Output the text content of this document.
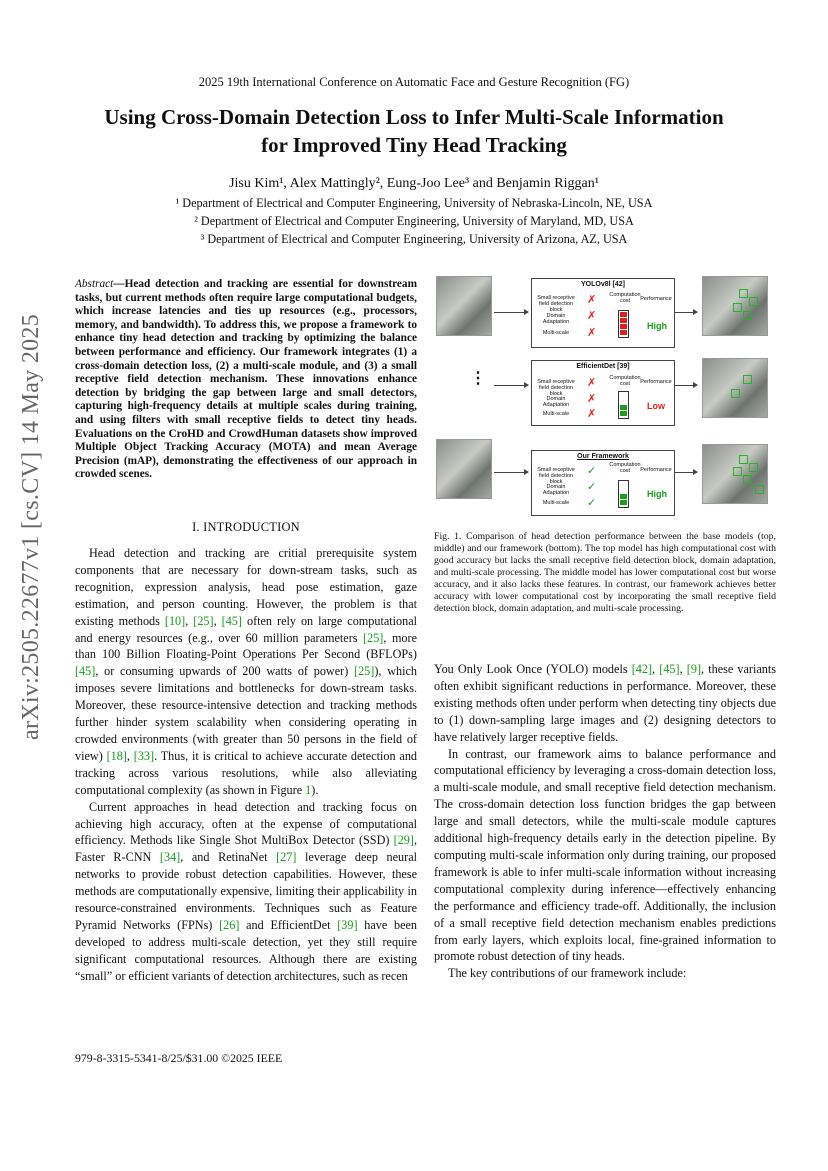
2025 19th International Conference on Automatic Face and Gesture Recognition (FG)
Using Cross-Domain Detection Loss to Infer Multi-Scale Information
for Improved Tiny Head Tracking
Jisu Kim¹, Alex Mattingly², Eung-Joo Lee³ and Benjamin Riggan¹
¹ Department of Electrical and Computer Engineering, University of Nebraska-Lincoln, NE, USA
² Department of Electrical and Computer Engineering, University of Maryland, MD, USA
³ Department of Electrical and Computer Engineering, University of Arizona, AZ, USA
arXiv:2505.22677v1 [cs.CV] 14 May 2025
Abstract—Head detection and tracking are essential for downstream tasks, but current methods often require large computational budgets, which increase latencies and ties up resources (e.g., processors, memory, and bandwidth). To address this, we propose a framework to enhance tiny head detection and tracking by optimizing the balance between performance and efficiency. Our framework integrates (1) a cross-domain detection loss, (2) a multi-scale module, and (3) a small receptive field detection mechanism. These innovations enhance detection by bridging the gap between large and small detectors, capturing high-frequency details at multiple scales during training, and using filters with small receptive fields to detect tiny heads. Evaluations on the CroHD and CrowdHuman datasets show improved Multiple Object Tracking Accuracy (MOTA) and mean Average Precision (mAP), demonstrating the effectiveness of our approach in crowded scenes.
I. INTRODUCTION

Head detection and tracking are critial prerequisite system components that are necessary for down-stream tasks, such as recognition, expression analysis, head pose estimation, gaze estimation, and person counting. However, the problem is that existing methods [10], [25], [45] often rely on large computational and energy resources (e.g., over 60 million parameters [25], more than 100 Billion Floating-Point Operations Per Second (BFLOPs) [45], or consuming upwards of 200 watts of power) [25]), which imposes severe limitations and bottlenecks for down-stream tasks. Moreover, these resource-intensive detection and tracking methods further hinder system scalability when considering operating in crowded environments (with greater than 50 persons in the field of view) [18], [33]. Thus, it is critical to achieve accurate detection and tracking across various resolutions, while also alleviating computational complexity (as shown in Figure 1).

Current approaches in head detection and tracking focus on achieving high accuracy, often at the expense of computational efficiency. Methods like Single Shot MultiBox Detector (SSD) [29], Faster R-CNN [34], and RetinaNet [27] leverage deep neural networks to provide robust detection capabilities. However, these methods are computationally expensive, limiting their applicability in resource-constrained environments. Techniques such as Feature Pyramid Networks (FPNs) [26] and EfficientDet [39] have been developed to address multi-scale detection, yet they still require significant computational resources. Although there are existing “small” or efficient variants of detection architectures, such as recen

YOLOv8l [42]
Small receptive field detection block
Domain Adaptation
Multi-scale
✗
✗
✗
Computation cost	Performance
High
⋮
EfficientDet [39]
Small receptive field detection block
Domain Adaptation
Multi-scale
✗
✗
✗
Computation cost	Performance
Low
Our Framework
Small receptive field detection block
Domain Adaptation
Multi-scale
✓
✓
✓
Computation cost	Performance
High
Fig. 1. Comparison of head detection performance between the base models (top, middle) and our framework (bottom). The top model has high computational cost with good accuracy but lacks the small receptive field detection block, domain adaptation, and multi-scale processing. The middle model has lower computational cost but worse accuracy, and it also lacks these features. In contrast, our framework achieves better accuracy with lower computational cost by incorporating the small receptive field detection block, domain adaptation, and multi-scale processing.

You Only Look Once (YOLO) models [42], [45], [9], these variants often exhibit significant reductions in performance. Moreover, these existing methods often under perform when detecting tiny objects due to (1) down-sampling large images and (2) designing detectors to have relatively larger receptive fields.

In contrast, our framework aims to balance performance and computational efficiency by leveraging a cross-domain detection loss, a multi-scale module, and small receptive field detection mechanism. The cross-domain detection loss function bridges the gap between large and small detectors, while the multi-scale module captures additional high-frequency details early in the detection pipeline. By computing multi-scale information only during training, our proposed framework is able to infer multi-scale information without increasing computational complexity during inference—effectively enhancing the performance and efficiency trade-off. Additionally, the inclusion of a small receptive field detection mechanism enables predictions from early layers, which exploits local, fine-grained information to promote robust detection of tiny heads.

The key contributions of our framework include:

979-8-3315-5341-8/25/$31.00 ©2025 IEEE
